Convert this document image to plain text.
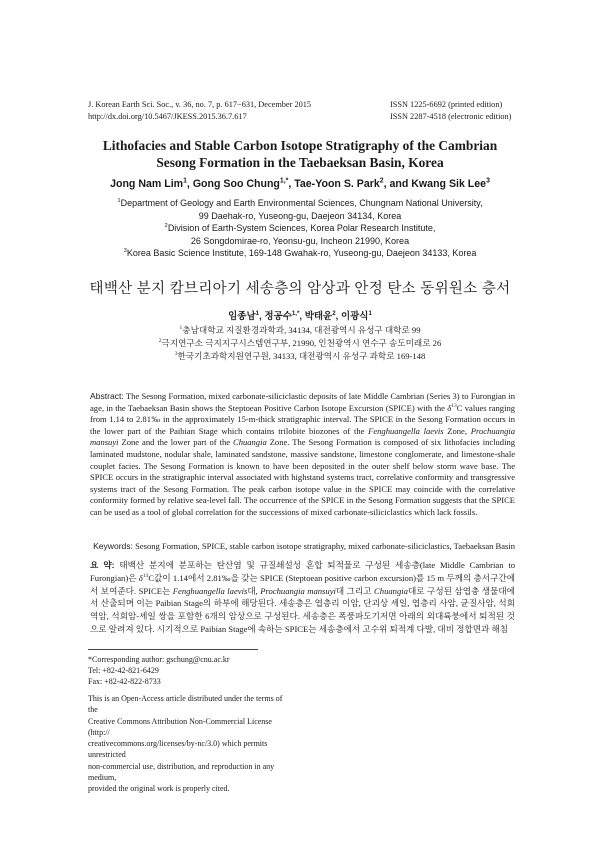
J. Korean Earth Sci. Soc., v. 36, no. 7, p. 617−631, December 2015
http://dx.doi.org/10.5467/JKESS.2015.36.7.617
ISSN 1225-6692 (printed edition)
ISSN 2287-4518 (electronic edition)
Lithofacies and Stable Carbon Isotope Stratigraphy of the Cambrian
Sesong Formation in the Taebaeksan Basin, Korea
Jong Nam Lim$^1$, Gong Soo Chung$^{1,*}$, Tae-Yoon S. Park$^2$, and Kwang Sik Lee$^3$
$^1$Department of Geology and Earth Environmental Sciences, Chungnam National University,
99 Daehak-ro, Yuseong-gu, Daejeon 34134, Korea
$^2$Division of Earth-System Sciences, Korea Polar Research Institute,
26 Songdomirae-ro, Yeonsu-gu, Incheon 21990, Korea
$^3$Korea Basic Science Institute, 169-148 Gwahak-ro, Yuseong-gu, Daejeon 34133, Korea
태백산 분지 캄브리아기 세송층의 암상과 안정 탄소 동위원소 층서
임종남$^1$, 정공수$^{1,*}$, 박태윤$^2$, 이광식$^1$
$^1$충남대학교 지질환경과학과, 34134, 대전광역시 유성구 대학로 99
$^2$극지연구소 극지지구시스템연구부, 21990, 인천광역시 연수구 송도미래로 26
$^3$한국기초과학지원연구원, 34133, 대전광역시 유성구 과학로 169-148
Abstract: The Sesong Formation, mixed carbonate-siliciclastic deposits of late Middle Cambrian (Series 3) to Furongian in age, in the Taebaeksan Basin shows the Steptoean Positive Carbon Isotope Excursion (SPICE) with the $\delta^{13}C$ values ranging from 1.14 to 2.81‰ in the approximately 15-m-thick stratigraphic interval. The SPICE in the Sesong Formation occurs in the lower part of the Paibian Stage which contains trilobite biozones of the Fenghuangella laevis Zone, Prochuangia mansuyi Zone and the lower part of the Chuangia Zone. The Sesong Formation is composed of six lithofacies including laminated mudstone, nodular shale, laminated sandstone, massive sandstone, limestone conglomerate, and limestone-shale couplet facies. The Sesong Formation is known to have been deposited in the outer shelf below storm wave base. The SPICE occurs in the stratigraphic interval associated with highstand systems tract, correlative conformity and transgressive systems tract of the Sesong Formation. The peak carbon isotope value in the SPICE may coincide with the correlative conformity formed by relative sea-level fall. The occurrence of the SPICE in the Sesong Formation suggests that the SPICE can be used as a tool of global correlation for the successions of mixed carbonate-siliciclastics which lack fossils.
Keywords: Sesong Formation, SPICE, stable carbon isotope stratigraphy, mixed carbonate-siliciclastics, Taebaeksan Basin
요 약: 태백산 분지에 분포하는 탄산염 및 규질쇄설성 혼합 퇴적물로 구성된 세송층(late Middle Cambrian to Furongian)은 $\delta^{13}C$값이 1.14에서 2.81‰을 갖는 SPICE (Steptoean positive carbon excursion)를 15 m 두께의 층서구간에서 보여준다. SPICE는 Fenghuangella laevis대, Prochuangia mansuyi대 그리고 Chuangia대로 구성된 삼엽충 생물대에서 산출되며 이는 Paibian Stage의 하부에 해당된다. 세송층은 엽층리 이암, 단괴상 셰일, 엽층리 사암, 균질사암, 석회역암, 석회암-셰일 쌍을 포함한 6개의 암상으로 구성된다. 세송층은 폭풍파도기저면 아래의 외대륙붕에서 퇴적된 것으로 알려져 있다. 시기적으로 Paibian Stage에 속하는 SPICE는 세송층에서 고수위 퇴적계 다발, 대비 정합면과 해침
*Corresponding author: gschung@cnu.ac.kr
Tel: +82-42-821-6429
Fax: +82-42-822-8733
This is an Open-Access article distributed under the terms of the
Creative Commons Attribution Non-Commercial License (http://
creativecommons.org/licenses/by-nc/3.0) which permits unrestricted
non-commercial use, distribution, and reproduction in any medium,
provided the original work is properly cited.
